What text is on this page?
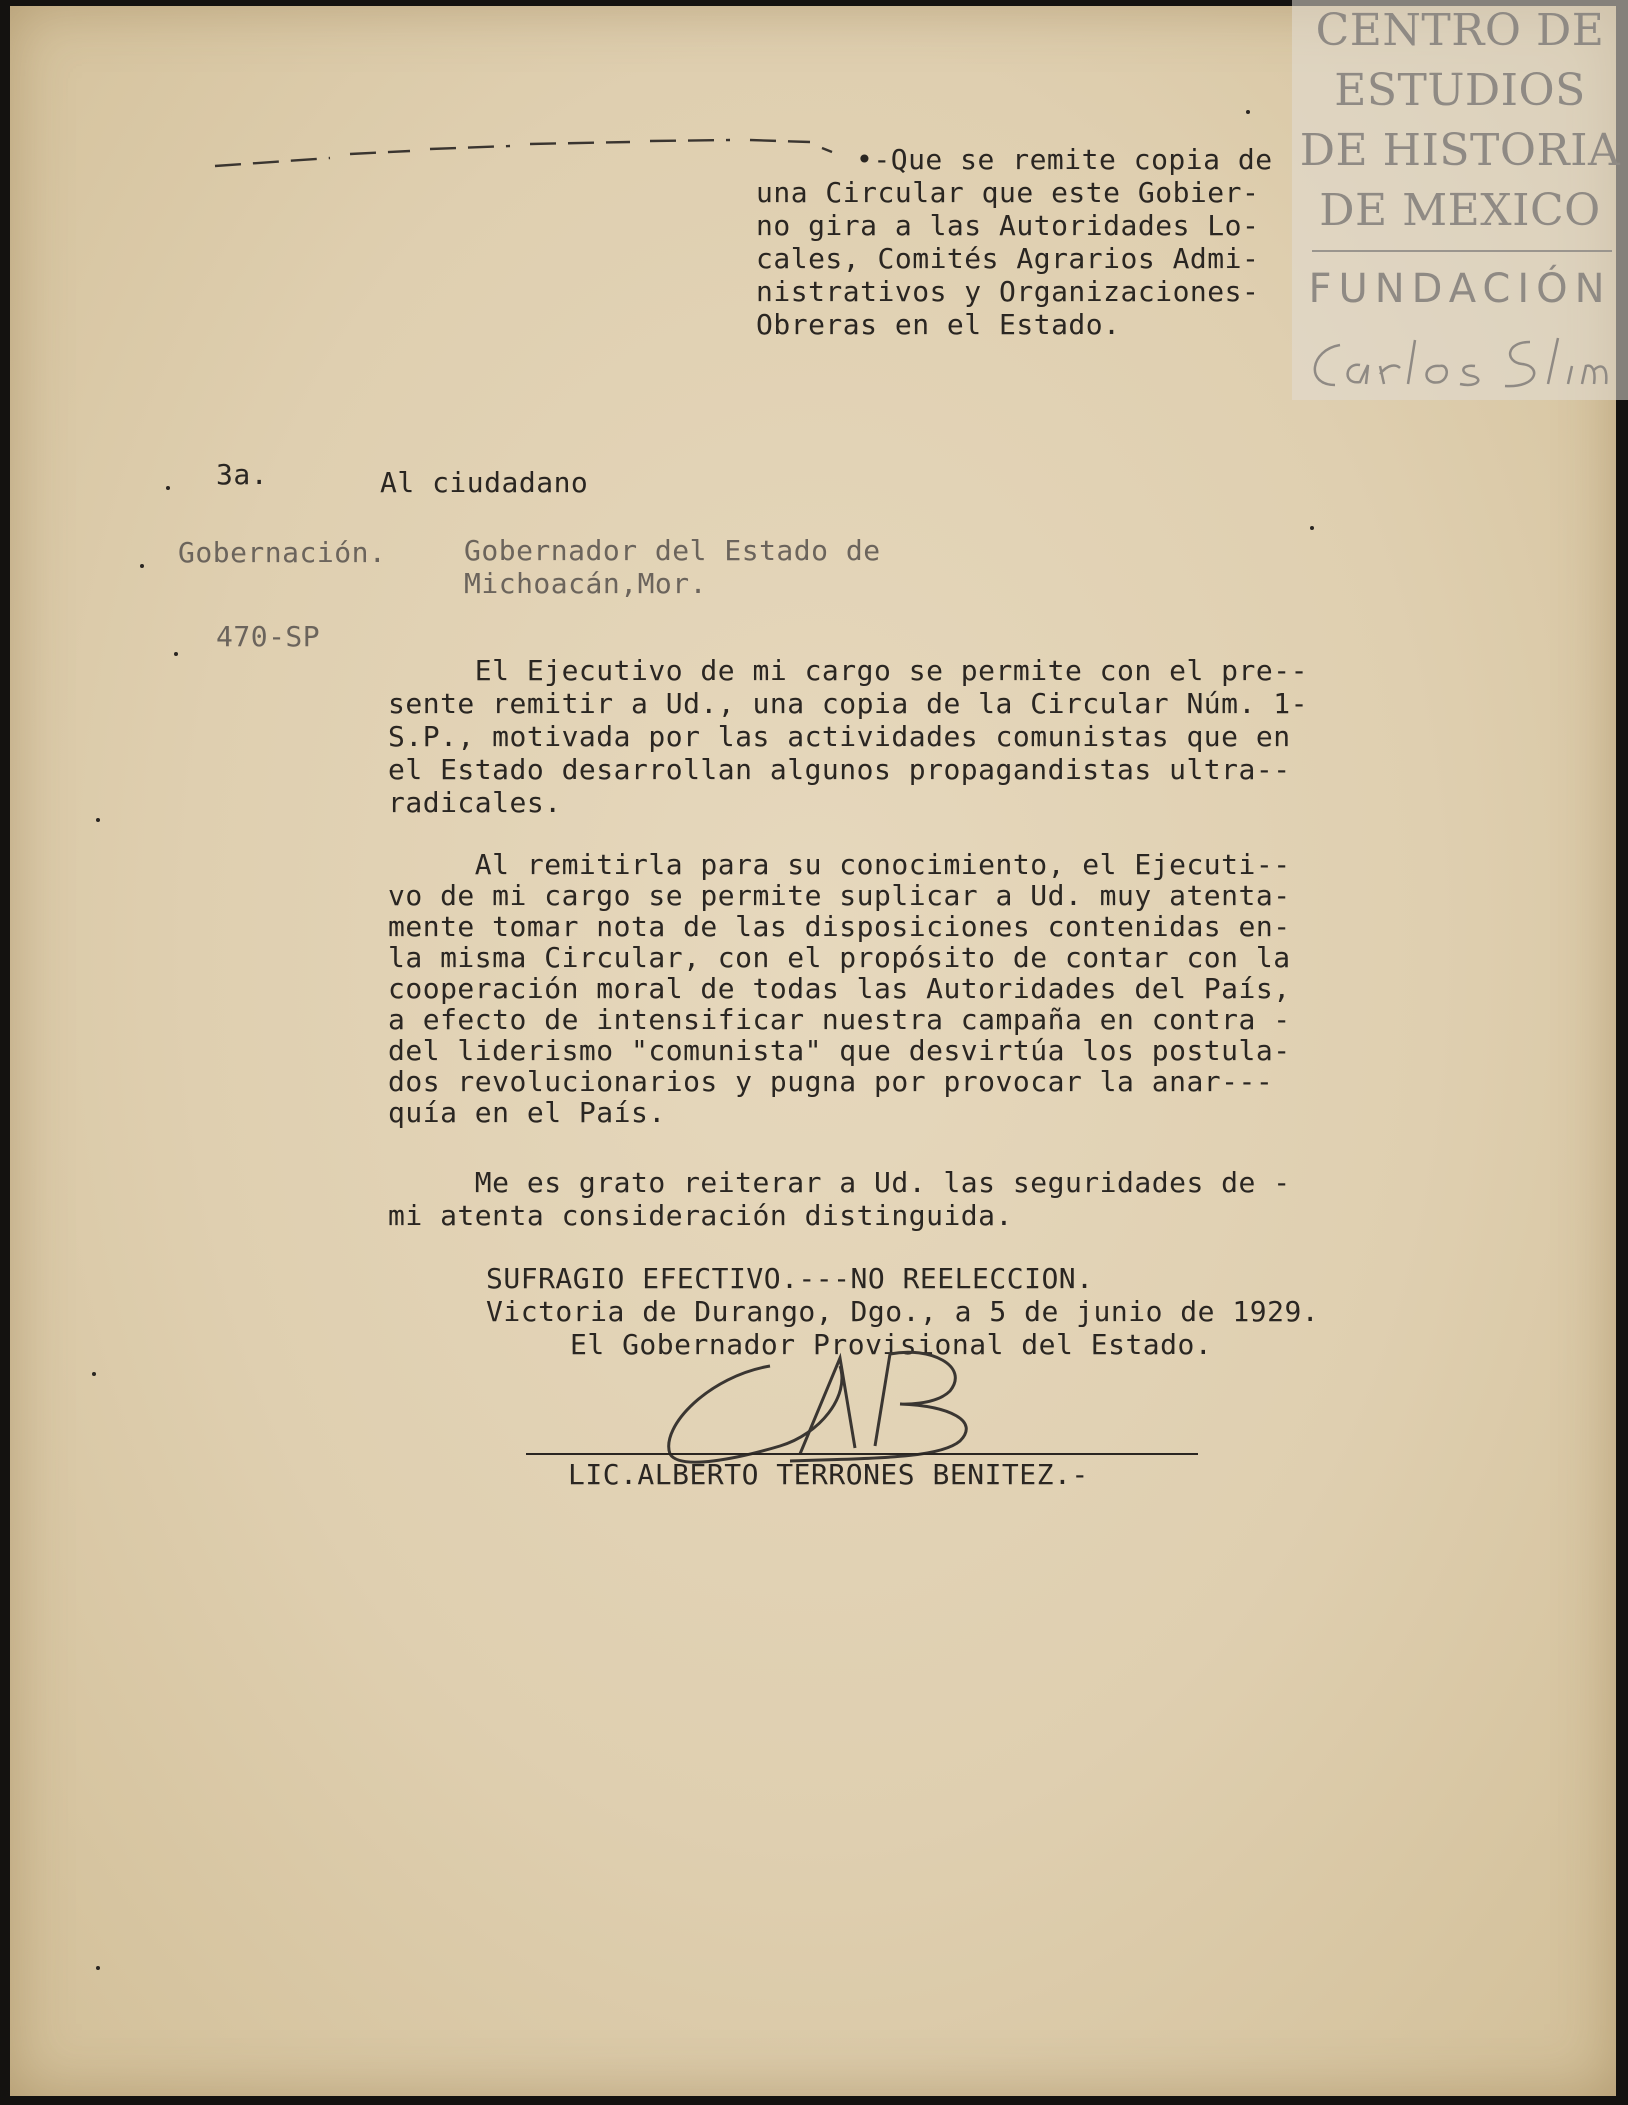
•-Que se remite copia de
una Circular que este Gobier-
no gira a las Autoridades Lo-
cales, Comités Agrarios Admi-
nistrativos y Organizaciones-
Obreras en el Estado.
3a.
Gobernación.
470-SP
Al ciudadano
Gobernador del Estado de
Michoacán,Mor.
El Ejecutivo de mi cargo se permite con el pre--
sente remitir a Ud., una copia de la Circular Núm. 1-
S.P., motivada por las actividades comunistas que en
el Estado desarrollan algunos propagandistas ultra--
radicales.
Al remitirla para su conocimiento, el Ejecuti--
vo de mi cargo se permite suplicar a Ud. muy atenta-
mente tomar nota de las disposiciones contenidas en-
la misma Circular, con el propósito de contar con la
cooperación moral de todas las Autoridades del País,
a efecto de intensificar nuestra campaña en contra -
del liderismo "comunista" que desvirtúa los postula-
dos revolucionarios y pugna por provocar la anar---
quía en el País.
Me es grato reiterar a Ud. las seguridades de -
mi atenta consideración distinguida.
SUFRAGIO EFECTIVO.---NO REELECCION.
Victoria de Durango, Dgo., a 5 de junio de 1929.
El Gobernador Provisional del Estado.
LIC.ALBERTO TERRONES BENITEZ.-
CENTRO DE
ESTUDIOS
DE HISTORIA
DE MEXICO
FUNDACIÓN
